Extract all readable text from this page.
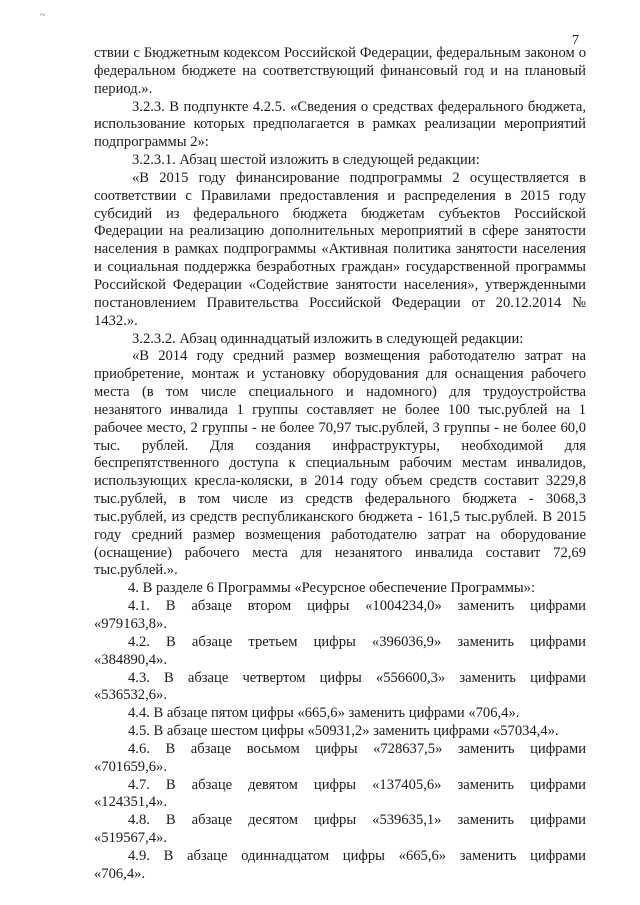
~
7

ствии с Бюджетным кодексом Российской Федерации, федеральным законом о федеральном бюджете на соответствующий финансовый год и на плановый период.».

3.2.3. В подпункте 4.2.5. «Сведения о средствах федерального бюджета, использование которых предполагается в рамках реализации мероприятий подпрограммы 2»:

3.2.3.1. Абзац шестой изложить в следующей редакции:

«В 2015 году финансирование подпрограммы 2 осуществляется в соответствии с Правилами предоставления и распределения в 2015 году субсидий из федерального бюджета бюджетам субъектов Российской Федерации на реализацию дополнительных мероприятий в сфере занятости населения в рамках подпрограммы «Активная политика занятости населения и социальная поддержка безработных граждан» государственной программы Российской Федерации «Содействие занятости населения», утвержденными постановлением Правительства Российской Федерации от 20.12.2014 № 1432.».

3.2.3.2. Абзац одиннадцатый изложить в следующей редакции:

«В 2014 году средний размер возмещения работодателю затрат на приобретение, монтаж и установку оборудования для оснащения рабочего места (в том числе специального и надомного) для трудоустройства незанятого инвалида 1 группы составляет не более 100 тыс.рублей на 1 рабочее место, 2 группы - не более 70,97 тыс.рублей, 3 группы - не более 60,0 тыс. рублей. Для создания инфраструктуры, необходимой для беспрепятственного доступа к специальным рабочим местам инвалидов, использующих кресла-коляски, в 2014 году объем средств составит 3229,8 тыс.рублей, в том числе из средств федерального бюджета - 3068,3 тыс.рублей, из средств республиканского бюджета - 161,5 тыс.рублей. В 2015 году средний размер возмещения работодателю затрат на оборудование (оснащение) рабочего места для незанятого инвалида составит 72,69 тыс.рублей.».

4. В разделе 6 Программы «Ресурсное обеспечение Программы»:

4.1. В абзаце втором цифры «1004234,0» заменить цифрами «979163,8».

4.2. В абзаце третьем цифры «396036,9» заменить цифрами «384890,4».

4.3. В абзаце четвертом цифры «556600,3» заменить цифрами «536532,6».

4.4. В абзаце пятом цифры «665,6» заменить цифрами «706,4».

4.5. В абзаце шестом цифры «50931,2» заменить цифрами «57034,4».

4.6. В абзаце восьмом цифры «728637,5» заменить цифрами «701659,6».

4.7. В абзаце девятом цифры «137405,6» заменить цифрами «124351,4».

4.8. В абзаце десятом цифры «539635,1» заменить цифрами «519567,4».

4.9. В абзаце одиннадцатом цифры «665,6» заменить цифрами «706,4».
